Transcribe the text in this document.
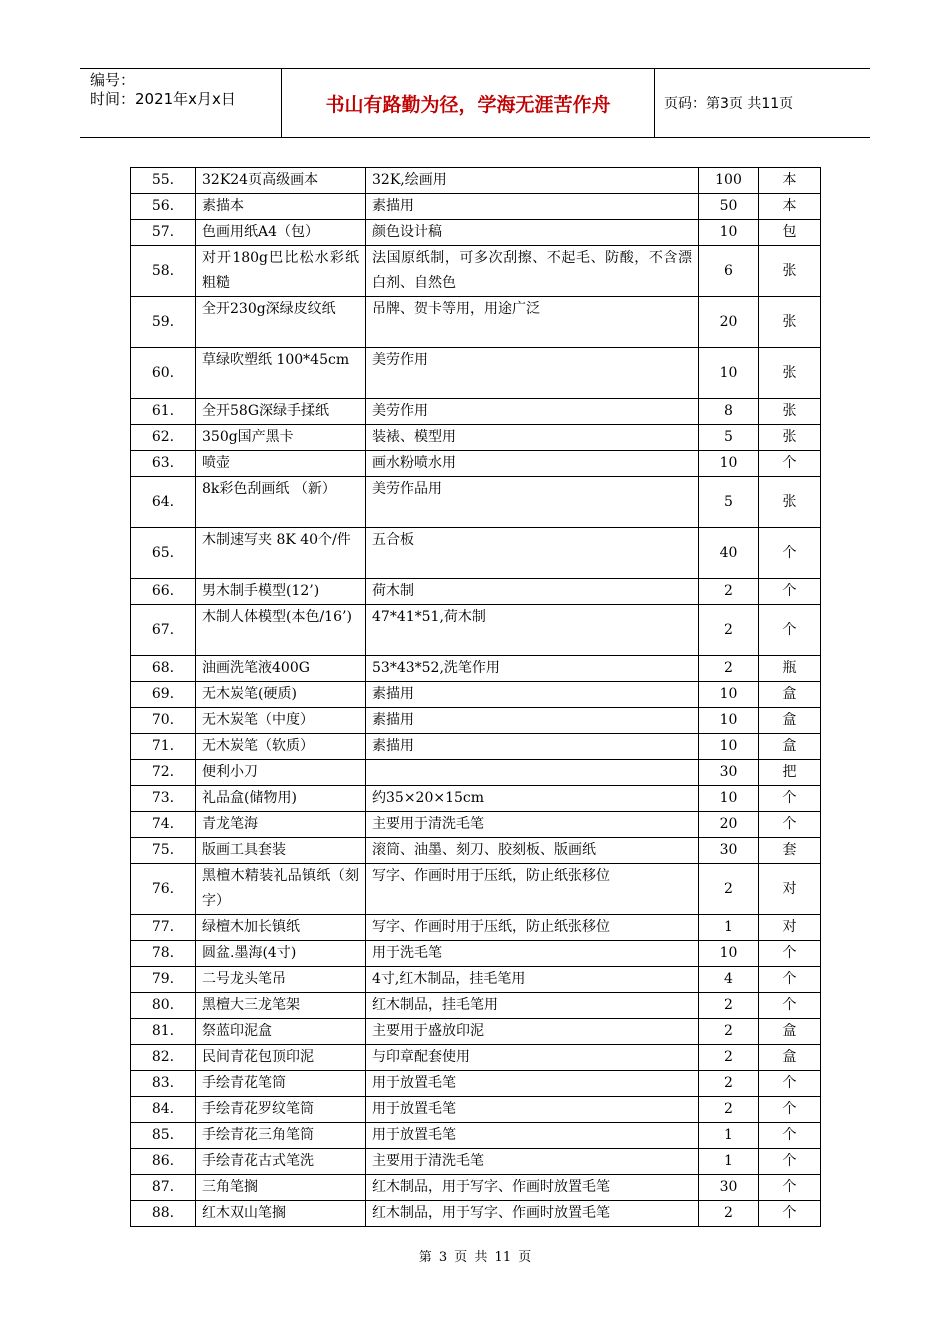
编号：
时间：2021年x月x日	书山有路勤为径，学海无涯苦作舟	页码：第3页 共11页
55.	32K24页高级画本	32K,绘画用	100	本
56.	素描本	素描用	50	本
57.	色画用纸A4（包）	颜色设计稿	10	包
58.	对开180g巴比松水彩纸 粗糙	法国原纸制，可多次刮擦、不起毛、防酸，不含漂白剂、自然色	6	张
59.	全开230g深绿皮纹纸	吊牌、贺卡等用，用途广泛	20	张
60.	草绿吹塑纸 100*45cm	美劳作用	10	张
61.	全开58G深绿手揉纸	美劳作用	8	张
62.	350g国产黑卡	装裱、模型用	5	张
63.	喷壶	画水粉喷水用	10	个
64.	8k彩色刮画纸 （新）	美劳作品用	5	张
65.	木制速写夹 8K 40个/件	五合板	40	个
66.	男木制手模型(12’)	荷木制	2	个
67.	木制人体模型(本色/16’)	47*41*51,荷木制	2	个
68.	油画洗笔液400G	53*43*52,洗笔作用	2	瓶
69.	无木炭笔(硬质)	素描用	10	盒
70.	无木炭笔（中度）	素描用	10	盒
71.	无木炭笔（软质）	素描用	10	盒
72.	便利小刀		30	把
73.	礼品盒(储物用)	约35×20×15cm	10	个
74.	青龙笔海	主要用于清洗毛笔	20	个
75.	版画工具套装	滚筒、油墨、刻刀、胶刻板、版画纸	30	套
76.	黑檀木精装礼品镇纸（刻字）	写字、作画时用于压纸，防止纸张移位	2	对
77.	绿檀木加长镇纸	写字、作画时用于压纸，防止纸张移位	1	对
78.	圆盆.墨海(4寸)	用于洗毛笔	10	个
79.	二号龙头笔吊	4寸,红木制品，挂毛笔用	4	个
80.	黑檀大三龙笔架	红木制品，挂毛笔用	2	个
81.	祭蓝印泥盒	主要用于盛放印泥	2	盒
82.	民间青花包顶印泥	与印章配套使用	2	盒
83.	手绘青花笔筒	用于放置毛笔	2	个
84.	手绘青花罗纹笔筒	用于放置毛笔	2	个
85.	手绘青花三角笔筒	用于放置毛笔	1	个
86.	手绘青花古式笔洗	主要用于清洗毛笔	1	个
87.	三角笔搁	红木制品，用于写字、作画时放置毛笔	30	个
88.	红木双山笔搁	红木制品，用于写字、作画时放置毛笔	2	个
第 3 页 共 11 页
